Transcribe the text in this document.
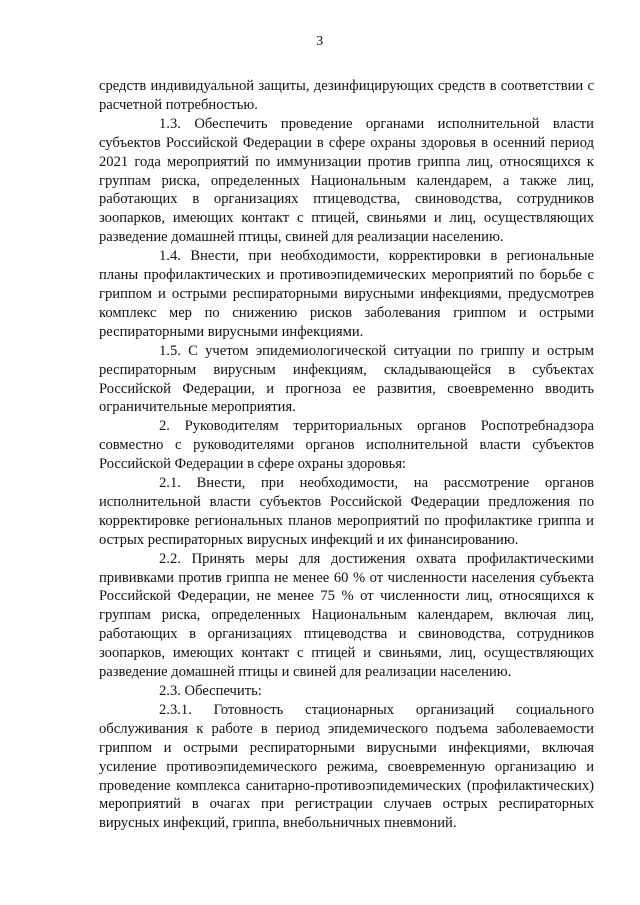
3

средств индивидуальной защиты, дезинфицирующих средств в соответствии с расчетной потребностью.

1.3. Обеспечить проведение органами исполнительной власти субъектов Российской Федерации в сфере охраны здоровья в осенний период 2021 года мероприятий по иммунизации против гриппа лиц, относящихся к группам риска, определенных Национальным календарем, а также лиц, работающих в организациях птицеводства, свиноводства, сотрудников зоопарков, имеющих контакт с птицей, свиньями и лиц, осуществляющих разведение домашней птицы, свиней для реализации населению.

1.4. Внести, при необходимости, корректировки в региональные планы профилактических и противоэпидемических мероприятий по борьбе с гриппом и острыми респираторными вирусными инфекциями, предусмотрев комплекс мер по снижению рисков заболевания гриппом и острыми респираторными вирусными инфекциями.

1.5. С учетом эпидемиологической ситуации по гриппу и острым респираторным вирусным инфекциям, складывающейся в субъектах Российской Федерации, и прогноза ее развития, своевременно вводить ограничительные мероприятия.

2. Руководителям территориальных органов Роспотребнадзора совместно с руководителями органов исполнительной власти субъектов Российской Федерации в сфере охраны здоровья:

2.1. Внести, при необходимости, на рассмотрение органов исполнительной власти субъектов Российской Федерации предложения по корректировке региональных планов мероприятий по профилактике гриппа и острых респираторных вирусных инфекций и их финансированию.

2.2. Принять меры для достижения охвата профилактическими прививками против гриппа не менее 60 % от численности населения субъекта Российской Федерации, не менее 75 % от численности лиц, относящихся к группам риска, определенных Национальным календарем, включая лиц, работающих в организациях птицеводства и свиноводства, сотрудников зоопарков, имеющих контакт с птицей и свиньями, лиц, осуществляющих разведение домашней птицы и свиней для реализации населению.

2.3. Обеспечить:

2.3.1. Готовность стационарных организаций социального обслуживания к работе в период эпидемического подъема заболеваемости гриппом и острыми респираторными вирусными инфекциями, включая усиление противоэпидемического режима, своевременную организацию и проведение комплекса санитарно-противоэпидемических (профилактических) мероприятий в очагах при регистрации случаев острых респираторных вирусных инфекций, гриппа, внебольничных пневмоний.
